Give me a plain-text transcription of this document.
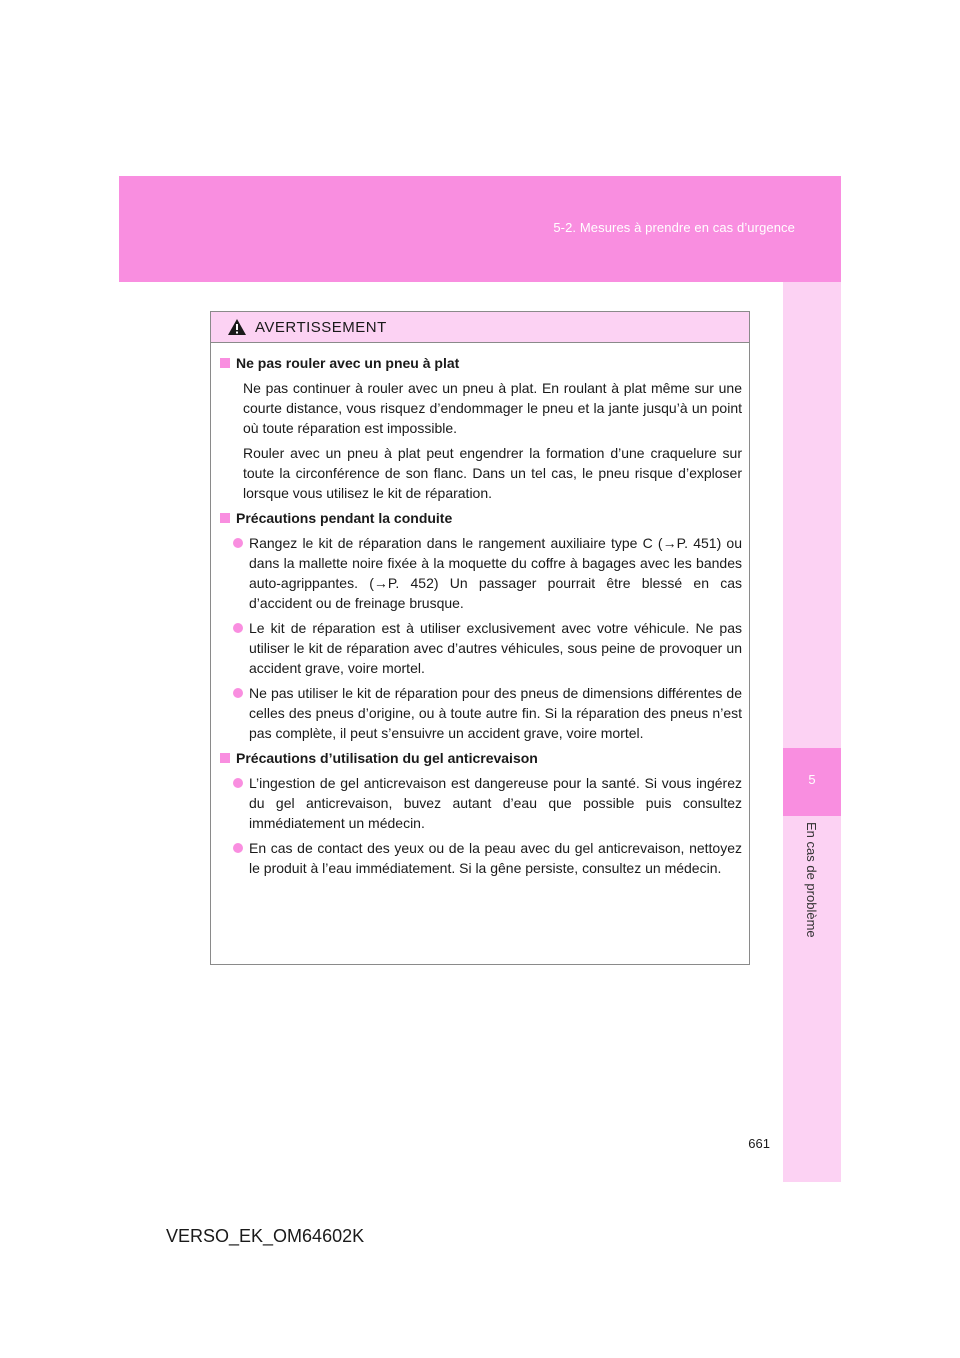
5-2. Mesures à prendre en cas d’urgence
5
En cas de problème
AVERTISSEMENT
Ne pas rouler avec un pneu à plat

Ne pas continuer à rouler avec un pneu à plat. En roulant à plat même sur une courte distance, vous risquez d’endommager le pneu et la jante jusqu’à un point où toute réparation est impossible.

Rouler avec un pneu à plat peut engendrer la formation d’une craquelure sur toute la circonférence de son flanc. Dans un tel cas, le pneu risque d’exploser lorsque vous utilisez le kit de réparation.

Précautions pendant la conduite
Rangez le kit de réparation dans le rangement auxiliaire type C (→P. 451) ou dans la mallette noire fixée à la moquette du coffre à bagages avec les bandes auto-agrippantes. (→P. 452) Un passager pourrait être blessé en cas d’accident ou de freinage brusque.
Le kit de réparation est à utiliser exclusivement avec votre véhicule. Ne pas utiliser le kit de réparation avec d’autres véhicules, sous peine de provoquer un accident grave, voire mortel.
Ne pas utiliser le kit de réparation pour des pneus de dimensions différentes de celles des pneus d’origine, ou à toute autre fin. Si la réparation des pneus n’est pas complète, il peut s’ensuivre un accident grave, voire mortel.
Précautions d’utilisation du gel anticrevaison
L’ingestion de gel anticrevaison est dangereuse pour la santé. Si vous ingérez du gel anticrevaison, buvez autant d’eau que possible puis consultez immédiatement un médecin.
En cas de contact des yeux ou de la peau avec du gel anticrevaison, nettoyez le produit à l’eau immédiatement. Si la gêne persiste, consultez un médecin.
661
VERSO_EK_OM64602K
